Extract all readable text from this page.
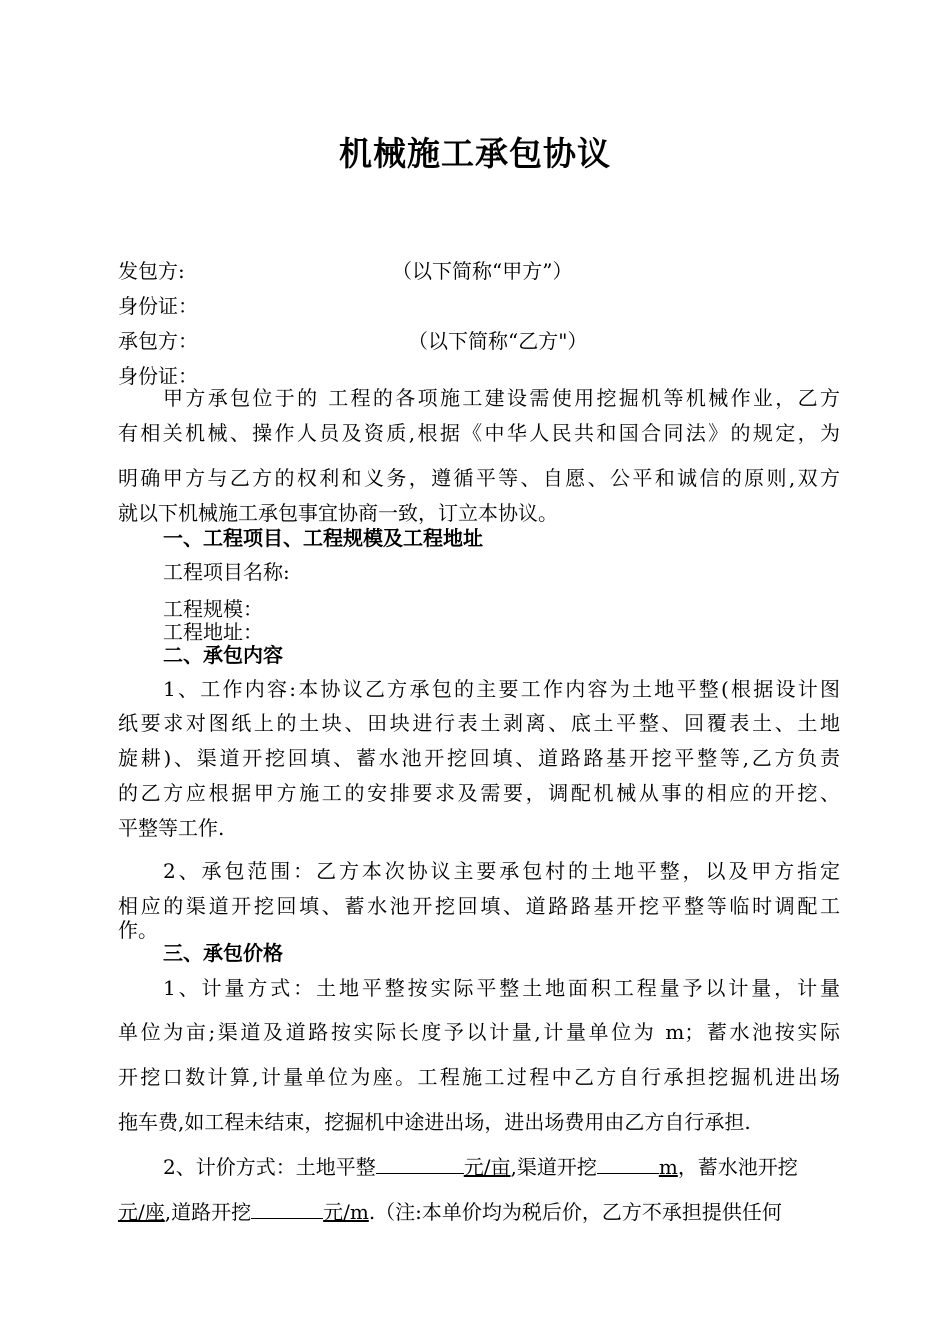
机械施工承包协议
发包方:	（以下简称“甲方”）
身份证：
承包方：	（以下简称“乙方"）
身份证：
甲方承包位于的 工程的各项施工建设需使用挖掘机等机械作业，乙方
有相关机械、操作人员及资质,根据《中华人民共和国合同法》的规定，为
明确甲方与乙方的权利和义务，遵循平等、自愿、公平和诚信的原则,双方
就以下机械施工承包事宜协商一致，订立本协议。
一、工程项目、工程规模及工程地址
工程项目名称:
工程规模：
工程地址：
二、承包内容
1、工作内容:本协议乙方承包的主要工作内容为土地平整(根据设计图
纸要求对图纸上的土块、田块进行表土剥离、底土平整、回覆表土、土地
旋耕)、渠道开挖回填、蓄水池开挖回填、道路路基开挖平整等,乙方负责
的乙方应根据甲方施工的安排要求及需要，调配机械从事的相应的开挖、
平整等工作.
2、承包范围：乙方本次协议主要承包村的土地平整，以及甲方指定
相应的渠道开挖回填、蓄水池开挖回填、道路路基开挖平整等临时调配工
作。
三、承包价格
1、计量方式：土地平整按实际平整土地面积工程量予以计量，计量
单位为亩;渠道及道路按实际长度予以计量,计量单位为 m；蓄水池按实际
开挖口数计算,计量单位为座。工程施工过程中乙方自行承担挖掘机进出场
拖车费,如工程未结束，挖掘机中途进出场，进出场费用由乙方自行承担.
2、计价方式：土地平整	元/亩,渠道开挖	m，蓄水池开挖
元/座,道路开挖	元/m.（注:本单价均为税后价，乙方不承担提供任何
